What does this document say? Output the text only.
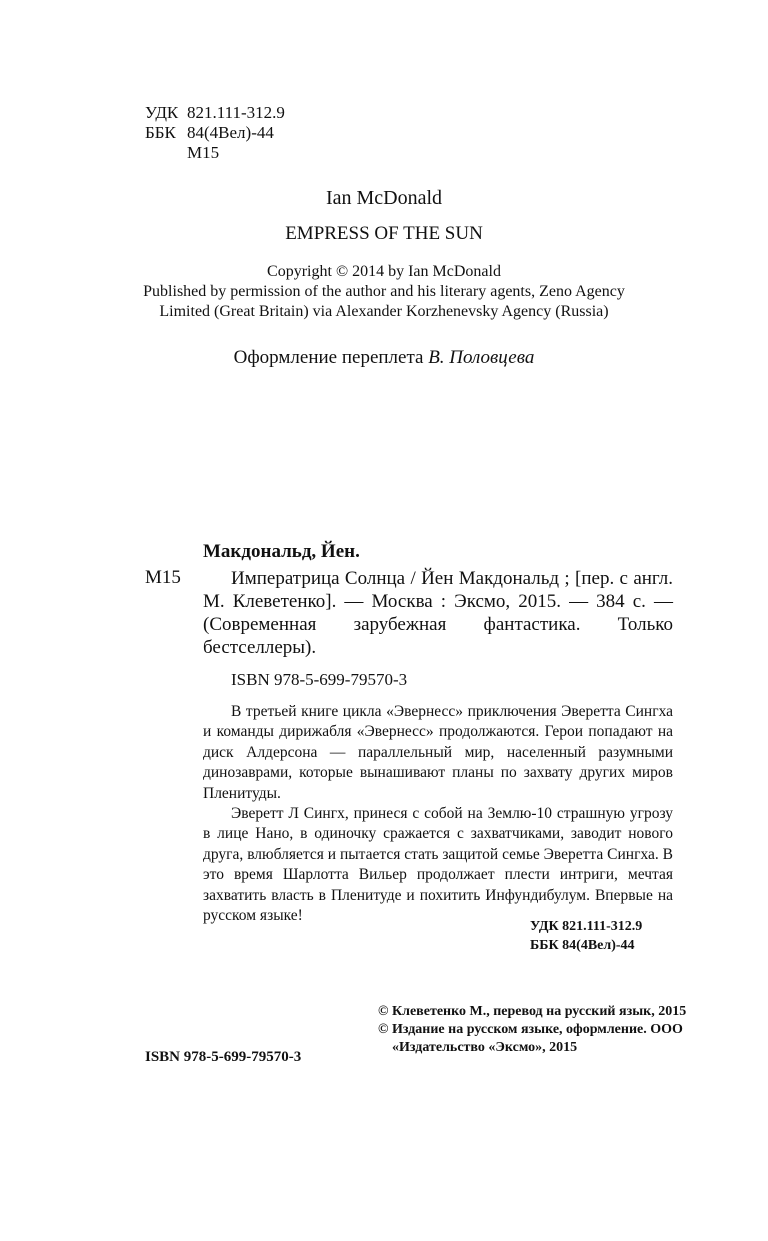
УДК 821.111-312.9
ББК 84(4Вел)-44
М15
Ian McDonald
EMPRESS OF THE SUN
Copyright © 2014 by Ian McDonald
Published by permission of the author and his literary agents, Zeno Agency
Limited (Great Britain) via Alexander Korzhenevsky Agency (Russia)
Оформление переплета В. Половцева
Макдональд, Йен.
М15	Императрица Солнца / Йен Макдональд ; [пер. с англ. М. Клеветенко]. — Москва : Эксмо, 2015. — 384 с. — (Современная зарубежная фантастика. Только бестселлеры).
ISBN 978-5-699-79570-3

В третьей книге цикла «Эвернесс» приключения Эверетта Сингха и команды дирижабля «Эвернесс» продолжаются. Герои попадают на диск Алдерсона — параллельный мир, населенный разумными динозаврами, которые вынашивают планы по захвату других миров Пленитуды.

Эверетт Л Сингх, принеся с собой на Землю-10 страшную угрозу в лице Нано, в одиночку сражается с захватчиками, заводит нового друга, влюбляется и пытается стать защитой семье Эверетта Сингха. В это время Шарлотта Вильер продолжает плести интриги, мечтая захватить власть в Пленитуде и похитить Инфундибулум. Впервые на русском языке!

УДК 821.111-312.9
ББК 84(4Вел)-44
© Клеветенко М., перевод на русский язык, 2015
© Издание на русском языке, оформление. ООО «Издательство «Эксмо», 2015
ISBN 978-5-699-79570-3
